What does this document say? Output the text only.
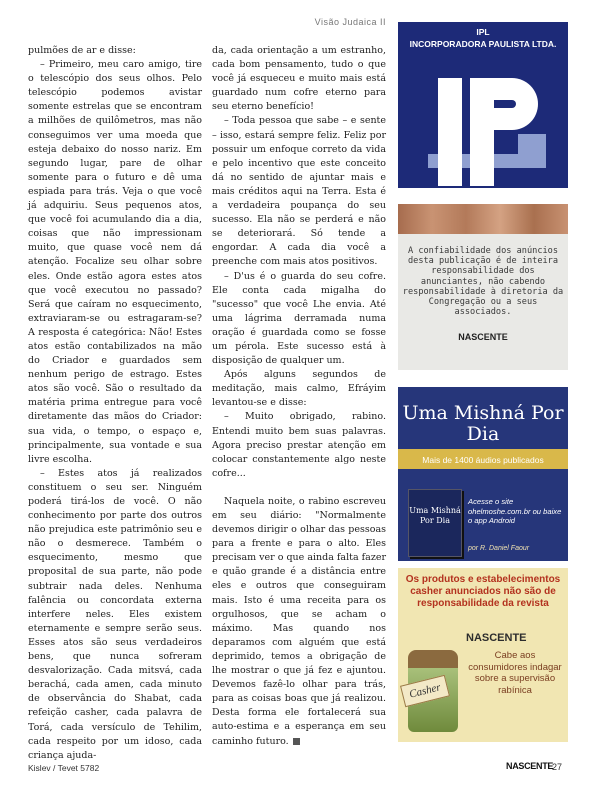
Visão Judaica II

pulmões de ar e disse:

– Primeiro, meu caro amigo, tire o telescópio dos seus olhos. Pelo telescópio podemos avistar somente estrelas que se encontram a milhões de quilômetros, mas não conseguimos ver uma moeda que esteja debaixo do nosso nariz. Em segundo lugar, pare de olhar somente para o futuro e dê uma espiada para trás. Veja o que você já adquiriu. Seus pequenos atos, que você foi acumulando dia a dia, coisas que não impressionam muito, que quase você nem dá atenção. Focalize seu olhar sobre eles. Onde estão agora estes atos que você executou no passado? Será que caíram no esquecimento, extraviaram-se ou estragaram-se? A resposta é categórica: Não! Estes atos estão contabilizados na mão do Criador e guardados sem nenhum perigo de estrago. Estes atos são você. São o resultado da matéria prima entregue para você diretamente das mãos do Criador: sua vida, o tempo, o espaço e, principalmente, sua vontade e sua livre escolha.

– Estes atos já realizados constituem o seu ser. Ninguém poderá tirá-los de você. O não conhecimento por parte dos outros não prejudica este patrimônio seu e não o desmerece. Também o esquecimento, mesmo que proposital de sua parte, não pode subtrair nada deles. Nenhuma falência ou concordata externa interfere neles. Eles existem eternamente e sempre serão seus. Esses atos são seus verdadeiros bens, que nunca sofreram desvalorização. Cada mitsvá, cada berachá, cada amen, cada minuto de observância do Shabat, cada refeição casher, cada palavra de Torá, cada versículo de Tehilim, cada respeito por um idoso, cada criança ajuda-

da, cada orientação a um estranho, cada bom pensamento, tudo o que você já esqueceu e muito mais está guardado num cofre eterno para seu eterno benefício!

– Toda pessoa que sabe – e sente – isso, estará sempre feliz. Feliz por possuir um enfoque correto da vida e pelo incentivo que este conceito dá no sentido de ajuntar mais e mais créditos aqui na Terra. Esta é a verdadeira poupança do seu sucesso. Ela não se perderá e não se deteriorará. Só tende a engordar. A cada dia você a preenche com mais atos positivos.

– D'us é o guarda do seu cofre. Ele conta cada migalha do "sucesso" que você Lhe envia. Até uma lágrima derramada numa oração é guardada como se fosse um pérola. Este sucesso está à disposição de qualquer um.

Após alguns segundos de meditação, mais calmo, Efráyim levantou-se e disse:

– Muito obrigado, rabino. Entendi muito bem suas palavras. Agora preciso prestar atenção em colocar constantemente algo neste cofre...

Naquela noite, o rabino escreveu em seu diário: "Normalmente devemos dirigir o olhar das pessoas para a frente e para o alto. Eles precisam ver o que ainda falta fazer e quão grande é a distância entre eles e outros que conseguiram mais. Isto é uma receita para os orgulhosos, que se acham o máximo. Mas quando nos deparamos com alguém que está deprimido, temos a obrigação de lhe mostrar o que já fez e ajuntou. Devemos fazê-lo olhar para trás, para as coisas boas que já realizou. Desta forma ele fortalecerá sua auto-estima e a esperança em seu caminho futuro.

IPL
INCORPORADORA PAULISTA LTDA.
A confiabilidade dos anúncios desta publicação é de inteira responsabilidade dos anunciantes, não cabendo responsabilidade à diretoria da Congregação ou a seus associados.
NASCENTE
Uma Mishná Por Dia
Mais de 1400 áudios publicados
Uma Mishná Por Dia
Acesse o site ohelmoshe.com.br ou baixe o app Android
por R. Daniel Faour
Os produtos e estabelecimentos casher anunciados não são de responsabilidade da revista
NASCENTE
Cabe aos consumidores indagar sobre a supervisão rabínica
Casher
Kislev / Tevet 5782	NASCENTE
27
